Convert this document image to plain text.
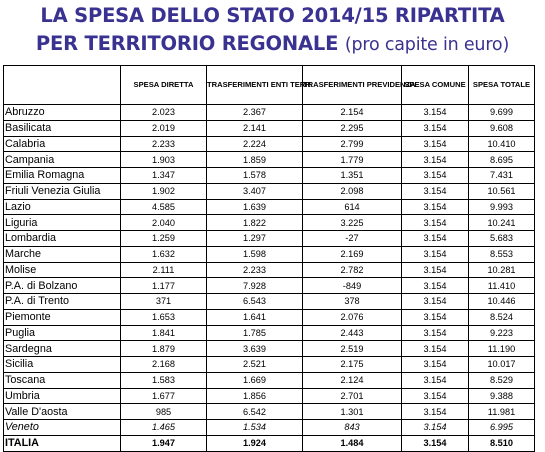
LA SPESA DELLO STATO 2014/15 RIPARTITA
PER TERRITORIO REGONALE (pro capite in euro)
	SPESA DIRETTA	TRASFERIMENTI ENTI TERR.	TRASFERIMENTI PREVIDENZA	SPESA COMUNE	SPESA TOTALE
Abruzzo	2.023	2.367	2.154	3.154	9.699
Basilicata	2.019	2.141	2.295	3.154	9.608
Calabria	2.233	2.224	2.799	3.154	10.410
Campania	1.903	1.859	1.779	3.154	8.695
Emilia Romagna	1.347	1.578	1.351	3.154	7.431
Friuli Venezia Giulia	1.902	3.407	2.098	3.154	10.561
Lazio	4.585	1.639	614	3.154	9.993
Liguria	2.040	1.822	3.225	3.154	10.241
Lombardia	1.259	1.297	-27	3.154	5.683
Marche	1.632	1.598	2.169	3.154	8.553
Molise	2.111	2.233	2.782	3.154	10.281
P.A. di Bolzano	1.177	7.928	-849	3.154	11.410
P.A. di Trento	371	6.543	378	3.154	10.446
Piemonte	1.653	1.641	2.076	3.154	8.524
Puglia	1.841	1.785	2.443	3.154	9.223
Sardegna	1.879	3.639	2.519	3.154	11.190
Sicilia	2.168	2.521	2.175	3.154	10.017
Toscana	1.583	1.669	2.124	3.154	8.529
Umbria	1.677	1.856	2.701	3.154	9.388
Valle D'aosta	985	6.542	1.301	3.154	11.981
Veneto	1.465	1.534	843	3.154	6.995
ITALIA	1.947	1.924	1.484	3.154	8.510
